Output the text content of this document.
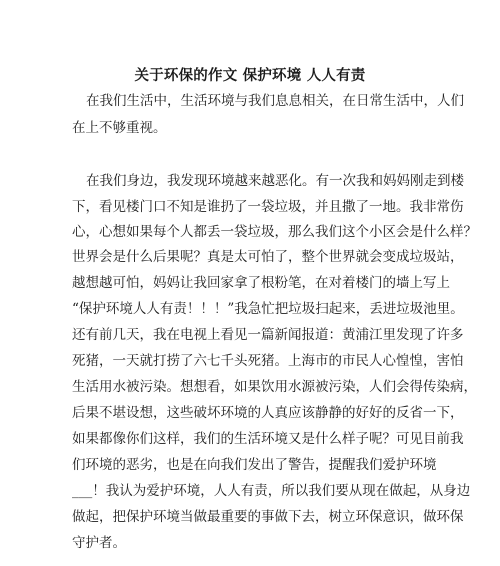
关于环保的作文 保护环境 人人有责
在我们生活中，生活环境与我们息息相关，在日常生活中，人们
在上不够重视。
在我们身边，我发现环境越来越恶化。有一次我和妈妈刚走到楼
下，看见楼门口不知是谁扔了一袋垃圾，并且撒了一地。我非常伤
心，心想如果每个人都丢一袋垃圾，那么我们这个小区会是什么样？
世界会是什么后果呢？真是太可怕了，整个世界就会变成垃圾站，
越想越可怕，妈妈让我回家拿了根粉笔，在对着楼门的墙上写上
“保护环境人人有责！！！”我急忙把垃圾扫起来，丢进垃圾池里。
还有前几天，我在电视上看见一篇新闻报道：黄浦江里发现了许多
死猪，一天就打捞了六七千头死猪。上海市的市民人心惶惶，害怕
生活用水被污染。想想看，如果饮用水源被污染，人们会得传染病，
后果不堪设想，这些破坏环境的人真应该静静的好好的反省一下，
如果都像你们这样，我们的生活环境又是什么样子呢？可见目前我
们环境的恶劣，也是在向我们发出了警告，提醒我们爱护环境
___！我认为爱护环境，人人有责，所以我们要从现在做起，从身边
做起，把保护环境当做最重要的事做下去，树立环保意识，做环保
守护者。
